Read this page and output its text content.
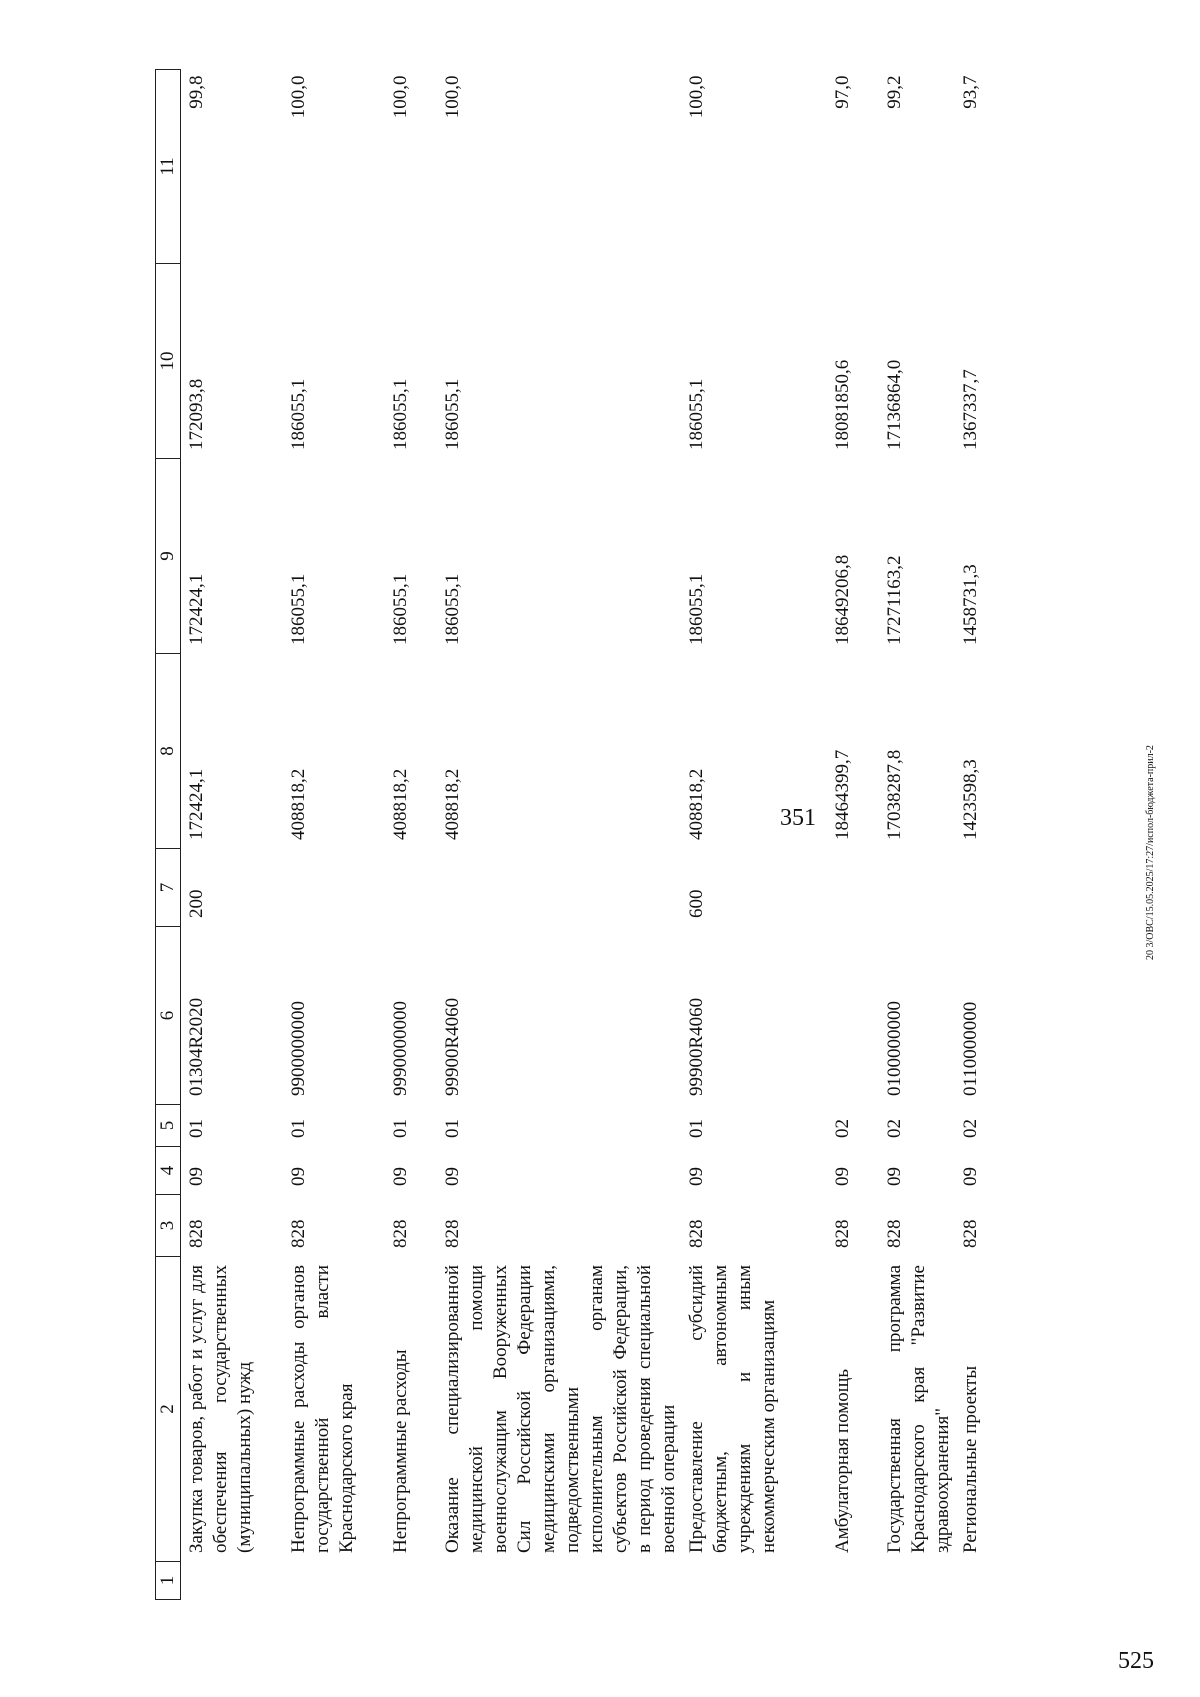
1	2	3	4	5	6	7	8	9	10	11
	Закупка товаров, работ и услуг для обеспечения государственных (муниципальных) нужд	828	09	01	01304R2020	200	172424,1	172424,1	172093,8	99,8
	Непрограммные расходы органов государственной власти Краснодарского края	828	09	01	9900000000		408818,2	186055,1	186055,1	100,0
	Непрограммные расходы	828	09	01	9990000000		408818,2	186055,1	186055,1	100,0
	Оказание специализированной медицинской помощи военнослужащим Вооруженных Сил Российской Федерации медицинскими организациями, подведомственными исполнительным органам субъектов Российской Федерации, в период проведения специальной военной операции	828	09	01	99900R4060		408818,2	186055,1	186055,1	100,0
	Предоставление субсидий бюджетным, автономным учреждениям и иным некоммерческим организациям	828	09	01	99900R4060	600	408818,2	186055,1	186055,1	100,0
	Амбулаторная помощь	828	09	02			18464399,7	18649206,8	18081850,6	97,0
	Государственная программа Краснодарского края "Развитие здравоохранения"	828	09	02	0100000000		17038287,8	17271163,2	17136864,0	99,2
	Региональные проекты	828	09	02	0110000000		1423598,3	1458731,3	1367337,7	93,7
351
525
20 3/ОВС/15.05.2025/17:27/испол-бюджета-прил-2
